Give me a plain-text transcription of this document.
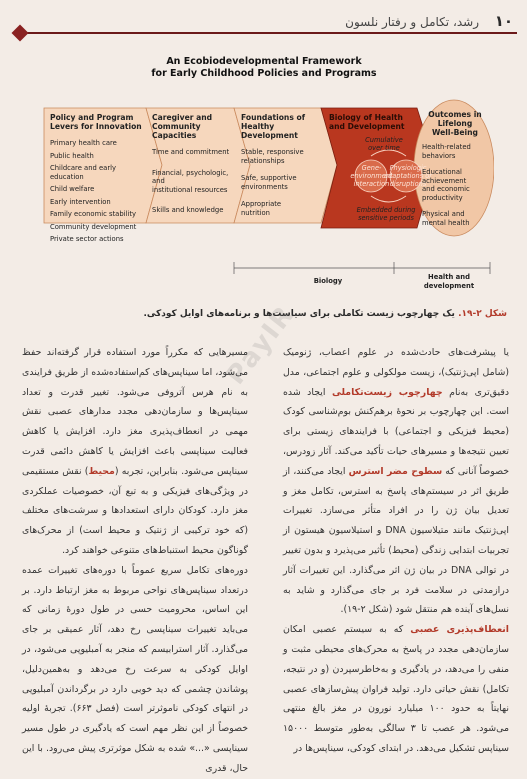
۱۰
رشد، تکامل و رفتار نلسون
An Ecobiodevelopmental Framework
for Early Childhood Policies and Programs
Policy and Program
Levers for Innovation
Primary health care
Public health
Childcare and early education
Child welfare
Early intervention
Family economic stability
Community development
Private sector actions
Caregiver and
Community Capacities
Time and commitment
Financial, psychologic, and
institutional resources
Skills and knowledge
Foundations of
Healthy Development
Stable, responsive
relationships
Safe, supportive
environments
Appropriate
nutrition
Biology of Health
and Development
Cumulative
over time
Gene-
environment
interaction
Physiologic
adaptations or
disruptions
Embedded during
sensitive periods
Outcomes in
Lifelong
Well-Being
Health-related
behaviors
Educational
achievement
and economic
productivity
Physical and
mental health
Biology	Health and
development
شکل ۲-۱۹. یک چهارچوب زیست تکاملی برای سیاست‌ها و برنامه‌های اوایل کودکی.
PayIR

یا پیشرفت‌های حادث‌شده در علوم اعصاب، ژنومیک (شامل اپی‌ژنتیک)، زیست مولکولی و علوم اجتماعی، مدل دقیق‌تری به‌نام چهارچوب زیست‌تکاملی ایجاد شده است. این چهارچوب بر نحوهٔ برهم‌کنش بوم‌شناسی کودک (محیط فیزیکی و اجتماعی) با فرایندهای زیستی برای تعیین نتیجه‌ها و مسیرهای حیات تأکید می‌کند. آثار زودرس، خصوصاً آنانی که سطوح مضر استرس ایجاد می‌کنند، از طریق اثر در سیستم‌های پاسخ به استرس، تکامل مغز و تعدیل بیان ژن را در افراد متأثر می‌سازد. تغییرات اپی‌ژنتیک مانند متیلاسیون DNA و استیلاسیون هیستون از تجربیات ابتدایی زندگی (محیط) تأثیر می‌پذیرد و بدون تغییر در توالی DNA در بیان ژن اثر می‌گذارد. این تغییرات آثار درازمدتی در سلامت فرد بر جای می‌گذارد و شاید به نسل‌های آینده هم منتقل شود (شکل ۲-۱۹).

انعطاف‌پذیری عصبی که به سیستم عصبی امکان سازمان‌دهی مجدد در پاسخ به محرک‌های محیطی مثبت و منفی را می‌دهد، در یادگیری و به‌خاطرسپردن (و در نتیجه، تکامل) نقش حیاتی دارد. تولید فراوان پیش‌سازهای عصبی نهایتاً به حدود ۱۰۰ میلیارد نورون در مغز بالغ منتهی می‌شود. هر عصب تا ۳ سالگی به‌طور متوسط ۱۵۰۰۰ سیناپس تشکیل می‌دهد. در ابتدای کودکی، سیناپس‌ها در

مسیرهایی که مکرراً مورد استفاده قرار گرفته‌اند حفظ می‌شود، اما سیناپس‌های کم‌استفاده‌شده از طریق فرایندی به نام هرس آتروفی می‌شود. تغییر قدرت و تعداد سیناپس‌ها و سازمان‌دهی مجدد مدارهای عصبی نقش مهمی در انعطاف‌پذیری مغز دارد. افزایش یا کاهش فعالیت سیناپسی باعث افزایش یا کاهش دائمی قدرت سیناپس می‌شود. بنابراین، تجربه (محیط) نقش مستقیمی در ویژگی‌های فیزیکی و به تبع آن، خصوصیات عملکردی مغز دارد. کودکان دارای استعدادها و سرشت‌های مختلف (که خود ترکیبی از ژنتیک و محیط است) از محرک‌های گوناگون محیط استنباط‌های متنوعی خواهند کرد.

دوره‌های تکامل سریع عموماً با دوره‌های تغییرات عمده درتعداد سیناپس‌های نواحی مربوط به مغز ارتباط دارد. بر این اساس، محرومیت حسی در طول دورهٔ زمانی که می‌باید تغییرات سیناپسی رخ دهد، آثار عمیقی بر جای می‌گذارد. آثار استرابیسم که منجر به آمبلیوپی می‌شود، در اوایل کودکی به سرعت رخ می‌دهد و به‌همین‌دلیل، پوشاندن چشمی که دید خوبی دارد در برگرداندن آمبلیوپی در انتهای کودکی ناموثرتر است (فصل ۶۶۳). تجربهٔ اولیه خصوصاً از این نظر مهم است که یادگیری در طول مسیر سیناپسی «...» شده به شکل موثرتری پیش می‌رود. با این حال، قدری
